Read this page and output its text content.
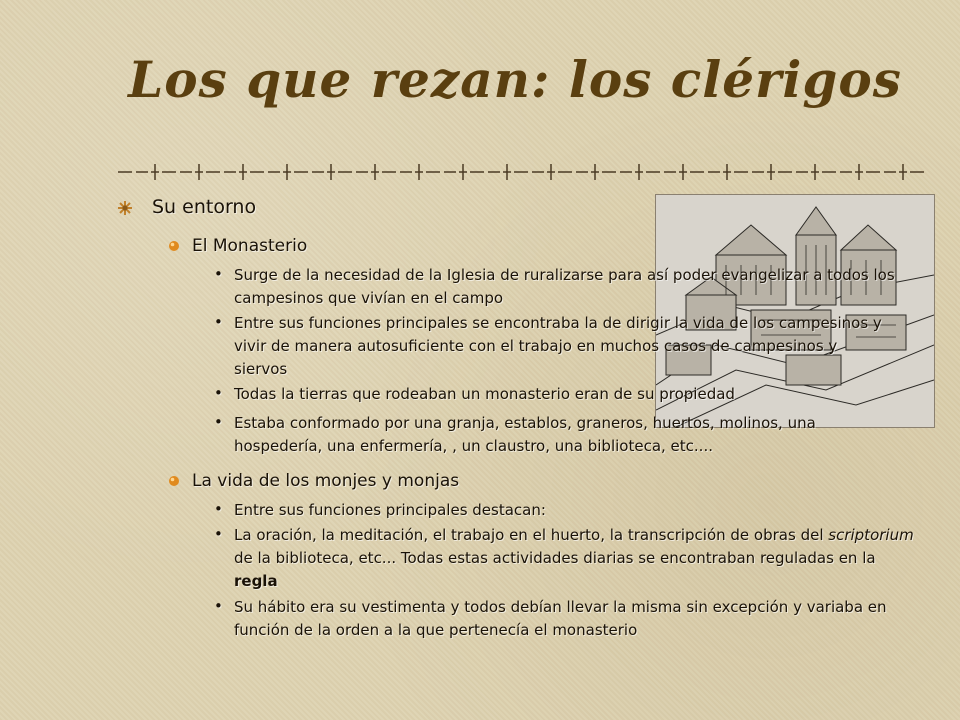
Los que rezan: los clérigos
Su entorno
El Monasterio
• Surge de la necesidad de la Iglesia de ruralizarse para así poder evangelizar a todos los campesinos que vivían en el campo
• Entre sus funciones principales se encontraba la de dirigir la vida de los campesinos y vivir de manera autosuficiente con el trabajo en muchos casos de campesinos y siervos
• Todas la tierras que rodeaban un monasterio eran de su propiedad
• Estaba conformado por una granja, establos, graneros, huertos, molinos, una hospedería, una enfermería, , un claustro, una biblioteca, etc....
La vida de los monjes y monjas
• Entre sus funciones principales destacan:
• La oración, la meditación, el trabajo en el huerto, la transcripción de obras del scriptorium de la biblioteca, etc... Todas estas actividades diarias se encontraban reguladas en la regla
• Su hábito era su vestimenta y todos debían llevar la misma sin excepción y variaba en función de la orden a la que pertenecía el monasterio
